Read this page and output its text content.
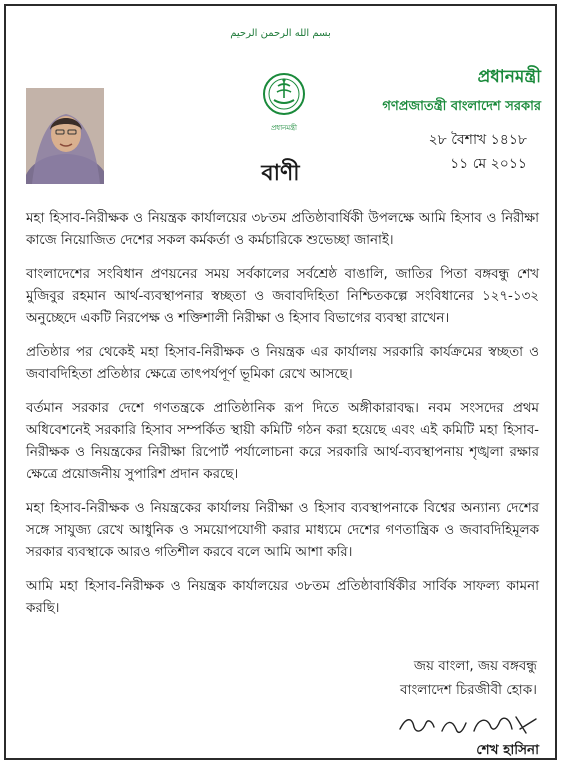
بسم الله الرحمن الرحيم
প্রধানমন্ত্রী
প্রধানমন্ত্রী
গণপ্রজাতন্ত্রী বাংলাদেশ সরকার
২৮ বৈশাখ ১৪১৮
১১ মে ২০১১
বাণী

মহা হিসাব-নিরীক্ষক ও নিয়ন্ত্রক কার্যালয়ের ৩৮তম প্রতিষ্ঠাবার্ষিকী উপলক্ষে আমি হিসাব ও নিরীক্ষা কাজে নিয়োজিত দেশের সকল কর্মকর্তা ও কর্মচারিকে শুভেচ্ছা জানাই।

বাংলাদেশের সংবিধান প্রণয়নের সময় সর্বকালের সর্বশ্রেষ্ঠ বাঙালি, জাতির পিতা বঙ্গবন্ধু শেখ মুজিবুর রহমান আর্থ-ব্যবস্থাপনার স্বচ্ছতা ও জবাবদিহিতা নিশ্চিতকল্পে সংবিধানের ১২৭-১৩২ অনুচ্ছেদে একটি নিরপেক্ষ ও শক্তিশালী নিরীক্ষা ও হিসাব বিভাগের ব্যবস্থা রাখেন।

প্রতিষ্ঠার পর থেকেই মহা হিসাব-নিরীক্ষক ও নিয়ন্ত্রক এর কার্যালয় সরকারি কার্যক্রমের স্বচ্ছতা ও জবাবদিহিতা প্রতিষ্ঠার ক্ষেত্রে তাৎপর্যপূর্ণ ভূমিকা রেখে আসছে।

বর্তমান সরকার দেশে গণতন্ত্রকে প্রাতিষ্ঠানিক রূপ দিতে অঙ্গীকারাবদ্ধ। নবম সংসদের প্রথম অধিবেশনেই সরকারি হিসাব সম্পর্কিত স্থায়ী কমিটি গঠন করা হয়েছে এবং এই কমিটি মহা হিসাব-নিরীক্ষক ও নিয়ন্ত্রকের নিরীক্ষা রিপোর্ট পর্যালোচনা করে সরকারি আর্থ-ব্যবস্থাপনায় শৃঙ্খলা রক্ষার ক্ষেত্রে প্রয়োজনীয় সুপারিশ প্রদান করছে।

মহা হিসাব-নিরীক্ষক ও নিয়ন্ত্রকের কার্যালয় নিরীক্ষা ও হিসাব ব্যবস্থাপনাকে বিশ্বের অন্যান্য দেশের সঙ্গে সাযুজ্য রেখে আধুনিক ও সময়োপযোগী করার মাধ্যমে দেশের গণতান্ত্রিক ও জবাবদিহিমূলক সরকার ব্যবস্থাকে আরও গতিশীল করবে বলে আমি আশা করি।

আমি মহা হিসাব-নিরীক্ষক ও নিয়ন্ত্রক কার্যালয়ের ৩৮তম প্রতিষ্ঠাবার্ষিকীর সার্বিক সাফল্য কামনা করছি।

জয় বাংলা, জয় বঙ্গবন্ধু
বাংলাদেশ চিরজীবী হোক।
শেখ হাসিনা
